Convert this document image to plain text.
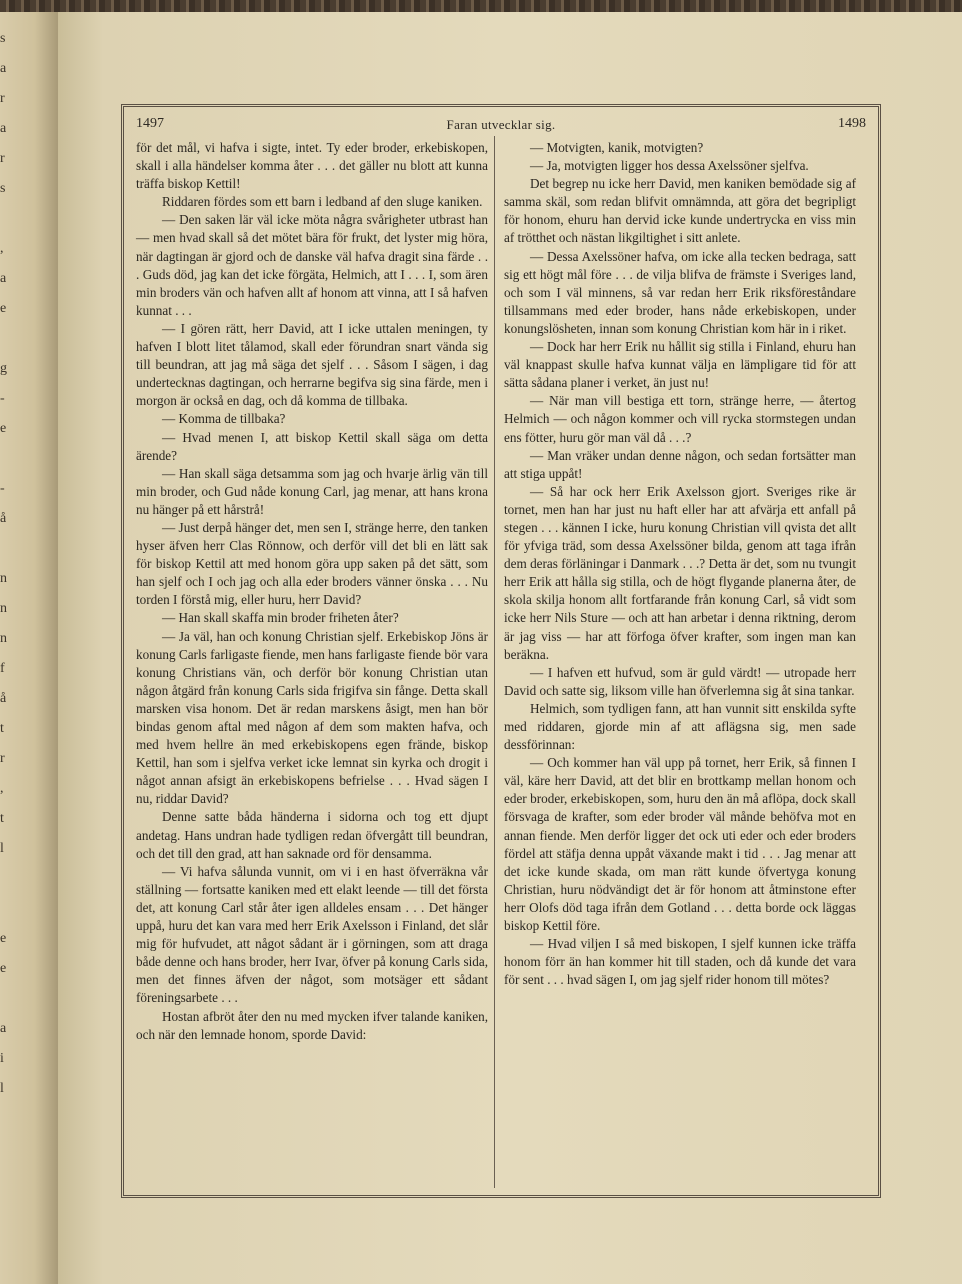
s
a
r
a
r
s
,
a
e
g
-
e
-
å
n
n
n
f
å
t
r
,
t
l
e
e
a
i
l
1497	Faran utvecklar sig.	1498

för det mål, vi hafva i sigte, intet. Ty eder broder, erkebiskopen, skall i alla händelser komma åter . . . det gäller nu blott att kunna träffa biskop Kettil!

Riddaren fördes som ett barn i ledband af den sluge kaniken.

— Den saken lär väl icke möta några svårigheter utbrast han — men hvad skall så det mötet bära för frukt, det lyster mig höra, när dagtingan är gjord och de danske väl hafva dragit sina färde . . . Guds död, jag kan det icke förgäta, Helmich, att I . . . I, som ären min broders vän och hafven allt af honom att vinna, att I så hafven kunnat . . .

— I gören rätt, herr David, att I icke uttalen meningen, ty hafven I blott litet tålamod, skall eder förundran snart vända sig till beundran, att jag må säga det sjelf . . . Såsom I sägen, i dag undertecknas dagtingan, och herrarne begifva sig sina färde, men i morgon är också en dag, och då komma de tillbaka.

— Komma de tillbaka?

— Hvad menen I, att biskop Kettil skall säga om detta ärende?

— Han skall säga detsamma som jag och hvarje ärlig vän till min broder, och Gud nåde konung Carl, jag menar, att hans krona nu hänger på ett hårstrå!

— Just derpå hänger det, men sen I, stränge herre, den tanken hyser äfven herr Clas Rönnow, och derför vill det bli en lätt sak för biskop Kettil att med honom göra upp saken på det sätt, som han sjelf och I och jag och alla eder broders vänner önska . . . Nu torden I förstå mig, eller huru, herr David?

— Han skall skaffa min broder friheten åter?

— Ja väl, han och konung Christian sjelf. Erkebiskop Jöns är konung Carls farligaste fiende, men hans farligaste fiende bör vara konung Christians vän, och derför bör konung Christian utan någon åtgärd från konung Carls sida frigifva sin fånge. Detta skall marsken visa honom. Det är redan marskens åsigt, men han bör bindas genom aftal med någon af dem som makten hafva, och med hvem hellre än med erkebiskopens egen frände, biskop Kettil, han som i sjelfva verket icke lemnat sin kyrka och drogit i något annan afsigt än erkebiskopens befrielse . . . Hvad sägen I nu, riddar David?

Denne satte båda händerna i sidorna och tog ett djupt andetag. Hans undran hade tydligen redan öfvergått till beundran, och det till den grad, att han saknade ord för densamma.

— Vi hafva sålunda vunnit, om vi i en hast öfverräkna vår ställning — fortsatte kaniken med ett elakt leende — till det första det, att konung Carl står åter igen alldeles ensam . . . Det hänger uppå, huru det kan vara med herr Erik Axelsson i Finland, det slår mig för hufvudet, att något sådant är i görningen, som att draga både denne och hans broder, herr Ivar, öfver på konung Carls sida, men det finnes äfven der något, som motsäger ett sådant föreningsarbete . . .

Hostan afbröt åter den nu med mycken ifver talande kaniken, och när den lemnade honom, sporde David:

— Motvigten, kanik, motvigten?

— Ja, motvigten ligger hos dessa Axelssöner sjelfva.

Det begrep nu icke herr David, men kaniken bemödade sig af samma skäl, som redan blifvit omnämnda, att göra det begripligt för honom, ehuru han dervid icke kunde undertrycka en viss min af trötthet och nästan likgiltighet i sitt anlete.

— Dessa Axelssöner hafva, om icke alla tecken bedraga, satt sig ett högt mål före . . . de vilja blifva de främste i Sveriges land, och som I väl minnens, så var redan herr Erik riksföreståndare tillsammans med eder broder, hans nåde erkebiskopen, under konungslösheten, innan som konung Christian kom här in i riket.

— Dock har herr Erik nu hållit sig stilla i Finland, ehuru han väl knappast skulle hafva kunnat välja en lämpligare tid för att sätta sådana planer i verket, än just nu!

— När man vill bestiga ett torn, stränge herre, — återtog Helmich — och någon kommer och vill rycka stormstegen undan ens fötter, huru gör man väl då . . .?

— Man vräker undan denne någon, och sedan fortsätter man att stiga uppåt!

— Så har ock herr Erik Axelsson gjort. Sveriges rike är tornet, men han har just nu haft eller har att afvärja ett anfall på stegen . . . kännen I icke, huru konung Christian vill qvista det allt för yfviga träd, som dessa Axelssöner bilda, genom att taga ifrån dem deras förläningar i Danmark . . .? Detta är det, som nu tvungit herr Erik att hålla sig stilla, och de högt flygande planerna åter, de skola skilja honom allt fortfarande från konung Carl, så vidt som icke herr Nils Sture — och att han arbetar i denna riktning, derom är jag viss — har att förfoga öfver krafter, som ingen man kan beräkna.

— I hafven ett hufvud, som är guld värdt! — utropade herr David och satte sig, liksom ville han öfverlemna sig åt sina tankar.

Helmich, som tydligen fann, att han vunnit sitt enskilda syfte med riddaren, gjorde min af att aflägsna sig, men sade dessförinnan:

— Och kommer han väl upp på tornet, herr Erik, så finnen I väl, käre herr David, att det blir en brottkamp mellan honom och eder broder, erkebiskopen, som, huru den än må aflöpa, dock skall försvaga de krafter, som eder broder väl månde behöfva mot en annan fiende. Men derför ligger det ock uti eder och eder broders fördel att stäfja denna uppåt växande makt i tid . . . Jag menar att det icke kunde skada, om man rätt kunde öfvertyga konung Christian, huru nödvändigt det är för honom att åtminstone efter herr Olofs död taga ifrån dem Gotland . . . detta borde ock läggas biskop Kettil före.

— Hvad viljen I så med biskopen, I sjelf kunnen icke träffa honom förr än han kommer hit till staden, och då kunde det vara för sent . . . hvad sägen I, om jag sjelf rider honom till mötes?
